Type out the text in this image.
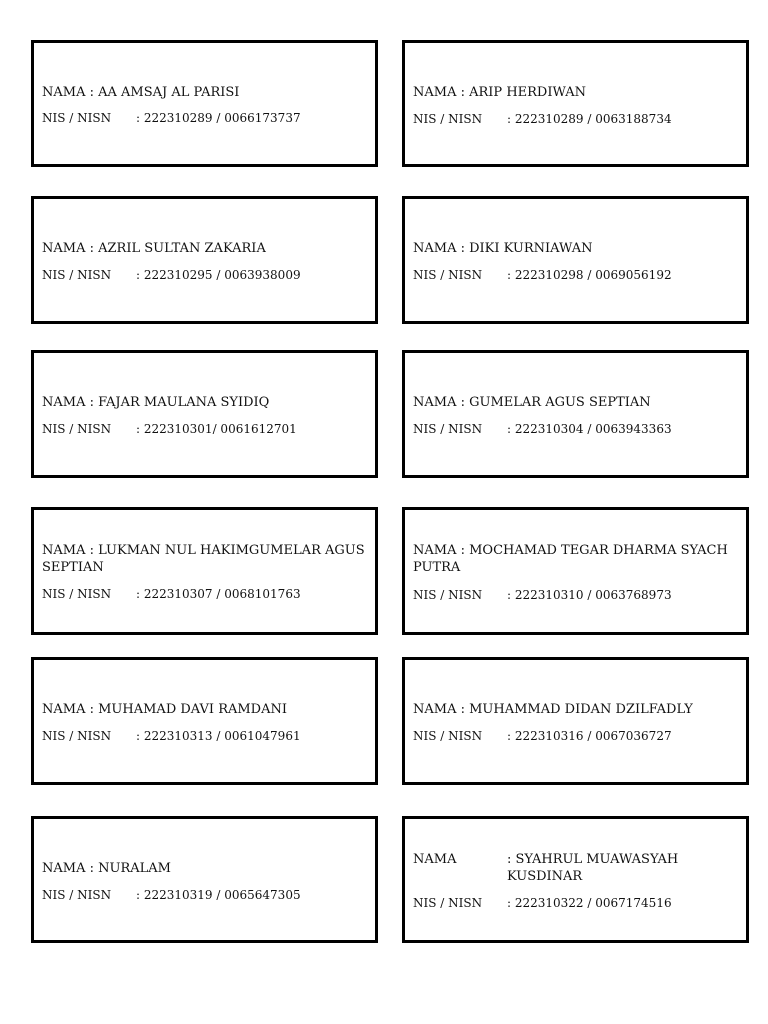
NAMA : AA AMSAJ AL PARISI
NIS / NISN : 222310289 / 0066173737
NAMA : ARIP HERDIWAN
NIS / NISN : 222310289 / 0063188734
NAMA : AZRIL SULTAN ZAKARIA
NIS / NISN : 222310295 / 0063938009
NAMA : DIKI KURNIAWAN
NIS / NISN : 222310298 / 0069056192
NAMA : FAJAR MAULANA SYIDIQ
NIS / NISN : 222310301/ 0061612701
NAMA : GUMELAR AGUS SEPTIAN
NIS / NISN : 222310304 / 0063943363
NAMA : LUKMAN NUL HAKIMGUMELAR AGUS SEPTIAN
NIS / NISN : 222310307 / 0068101763
NAMA : MOCHAMAD TEGAR DHARMA SYACH PUTRA
NIS / NISN : 222310310 / 0063768973
NAMA : MUHAMAD DAVI RAMDANI
NIS / NISN : 222310313 / 0061047961
NAMA : MUHAMMAD DIDAN DZILFADLY
NIS / NISN : 222310316 / 0067036727
NAMA : NURALAM
NIS / NISN : 222310319 / 0065647305
NAMA	: SYAHRUL MUAWASYAH KUSDINAR
NIS / NISN : 222310322 / 0067174516
